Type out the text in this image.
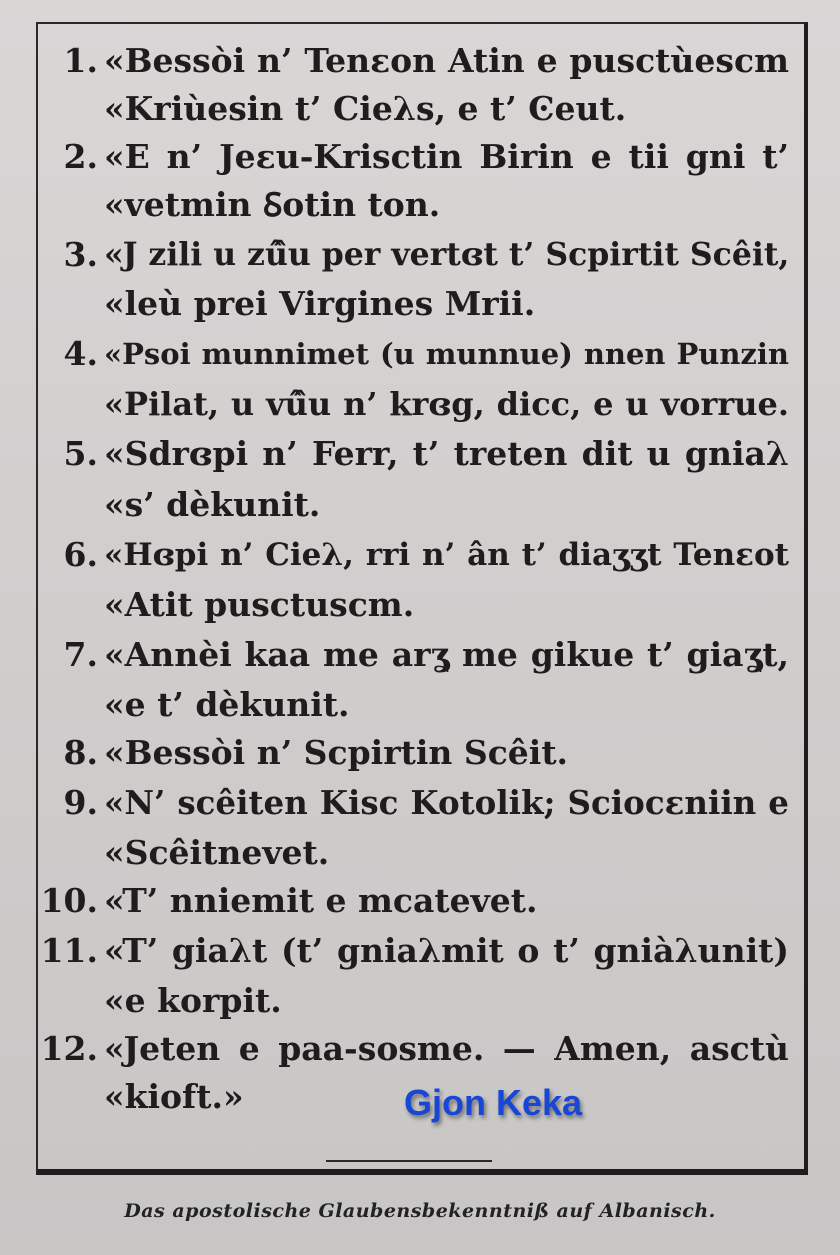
1. «Bessòi n’ Tenεon Atin e pusctùescm
«Kriùesin t’ Cieλs, e t’ Ͼeut.
2. «E n’ Jeεu-Krisctin Birin e tii gni t’
«vetmin Ꟙotin ton.
3. «J zili u zû̂u per vertɞt t’ Scpirtit Scêit,
«leù prei Virgines Mrii.
4. «Psoi munnimet (u munnue) nnen Punzin
«Pilat, u vû̂u n’ krɞg, dicc, e u vorrue.
5. «Sdrɞpi n’ Ferr, t’ treten dit u gniaλ
«s’ dèkunit.
6. «Hɞpi n’ Cieλ, rri n’ ân t’ diaʒʒt Tenεot
«Atit pusctuscm.
7. «Annèi kaa me arʓ me gikue t’ giaʓt,
«e t’ dèkunit.
8. «Bessòi n’ Scpirtin Scêit.
9. «N’ scêiten Kisc Kotolik; Sciocεniin e
«Scêitnevet.
10. «T’ nniemit e mcatevet.
11. «T’ giaλt (t’ gniaλmit o t’ gniàλunit)
«e korpit.
12. «Jeten e paa-sosme. — Amen, asctù
«kioft.»	Gjon Keka
Das apostolische Glaubensbekenntniß auf Albanisch.
